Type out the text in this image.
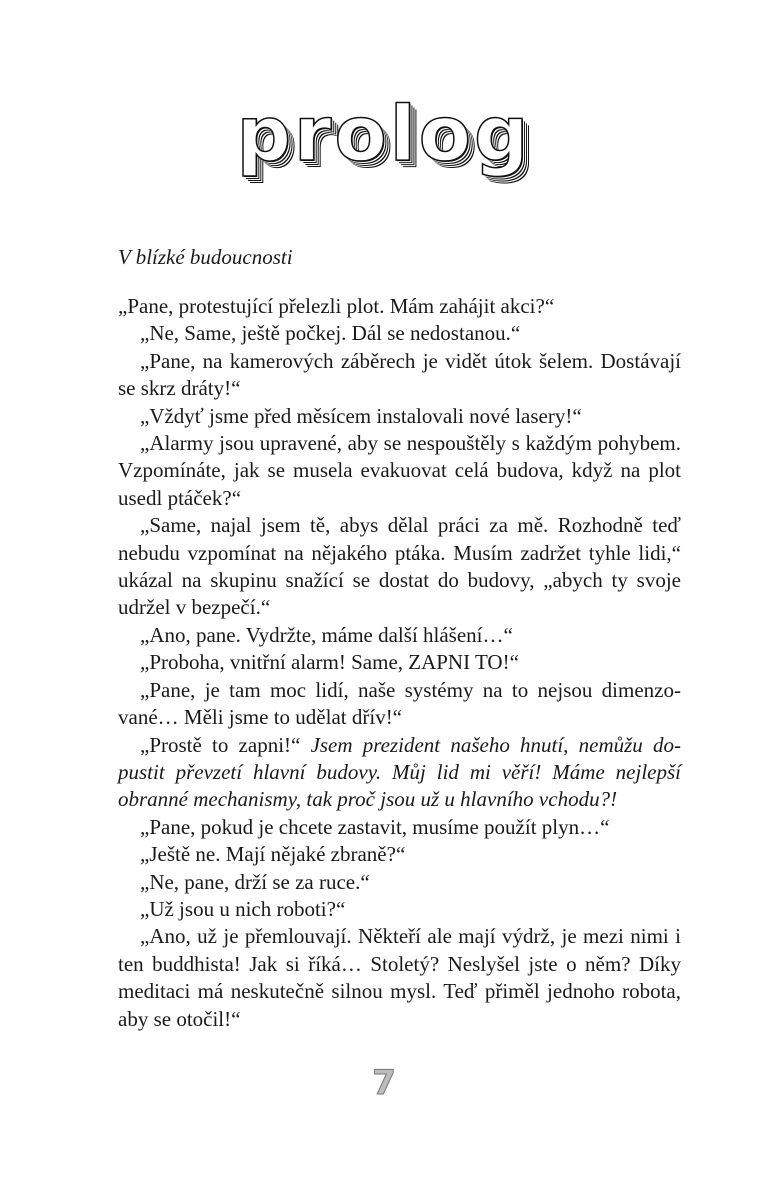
prolog
V blízké budoucnosti

„Pane, protestující přelezli plot. Mám zahájit akci?“

„Ne, Same, ještě počkej. Dál se nedostanou.“

„Pane, na kamerových záběrech je vidět útok šelem. Dostávají se skrz dráty!“

„Vždyť jsme před měsícem instalovali nové lasery!“

„Alarmy jsou upravené, aby se nespouštěly s každým pohybem. Vzpomínáte, jak se musela evakuovat celá budova, když na plot usedl ptáček?“

„Same, najal jsem tě, abys dělal práci za mě. Rozhodně teď nebudu vzpomínat na nějakého ptáka. Musím zadržet tyhle lidi,“ ukázal na skupinu snažící se dostat do budovy, „abych ty svoje udržel v bezpečí.“

„Ano, pane. Vydržte, máme další hlášení…“

„Proboha, vnitřní alarm! Same, ZAPNI TO!“

„Pane, je tam moc lidí, naše systémy na to nejsou dimenzované… Měli jsme to udělat dřív!“

„Prostě to zapni!“ Jsem prezident našeho hnutí, nemůžu dopustit převzetí hlavní budovy. Můj lid mi věří! Máme nejlepší obranné mechanismy, tak proč jsou už u hlavního vchodu?!

„Pane, pokud je chcete zastavit, musíme použít plyn…“

„Ještě ne. Mají nějaké zbraně?“

„Ne, pane, drží se za ruce.“

„Už jsou u nich roboti?“

„Ano, už je přemlouvají. Někteří ale mají výdrž, je mezi nimi i ten buddhista! Jak si říká… Stoletý? Neslyšel jste o něm? Díky meditaci má neskutečně silnou mysl. Teď přiměl jednoho robota, aby se otočil!“

7
